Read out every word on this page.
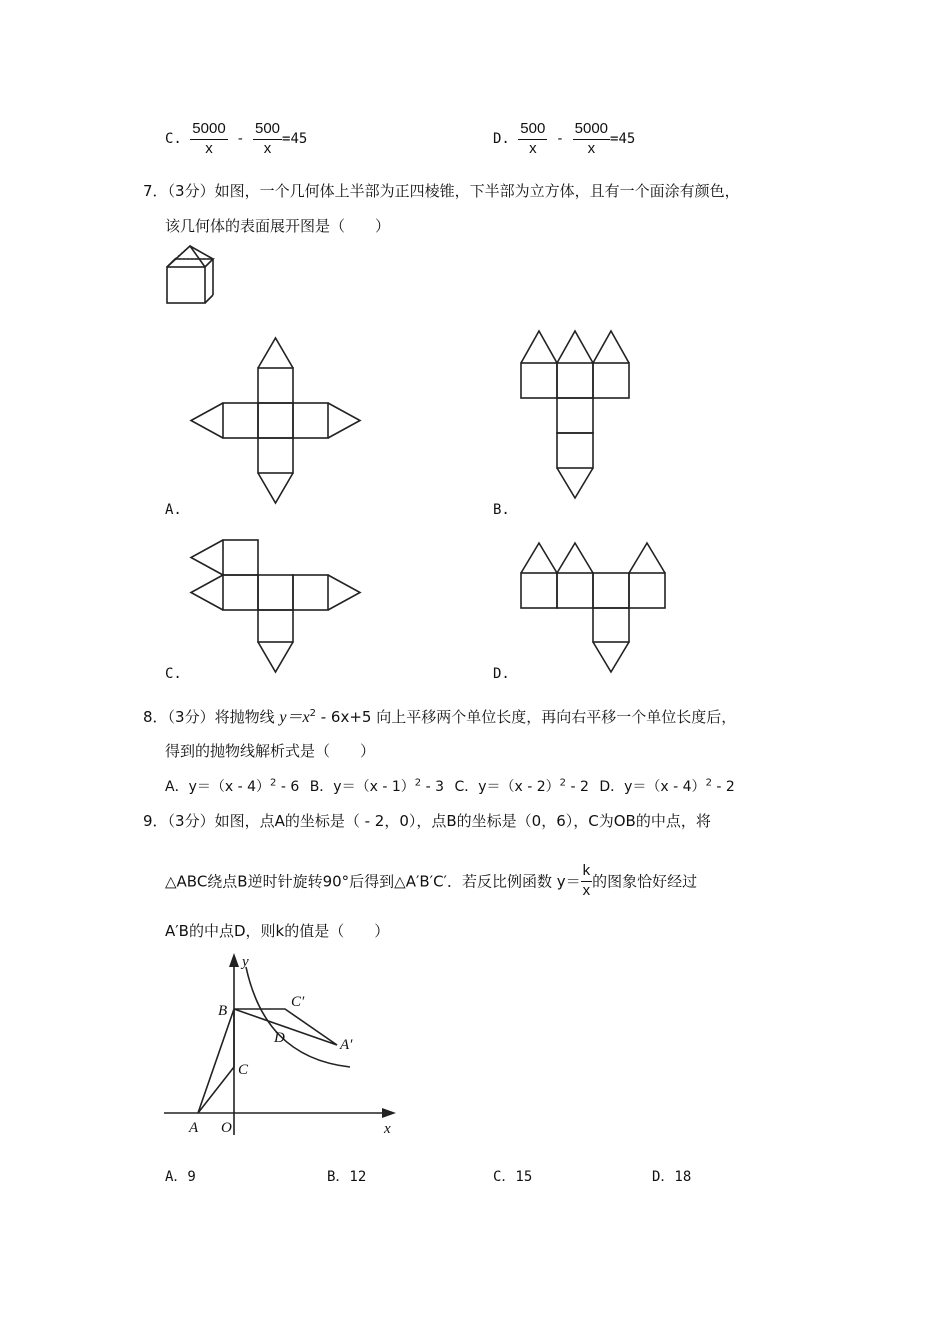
C. $\frac{5000}{x} - \frac{500}{x} =45$	D. $\frac{500}{x} - \frac{5000}{x} =45$
7．（3分）如图，一个几何体上半部为正四棱锥，下半部为立方体，且有一个面涂有颜色，
该几何体的表面展开图是（　　）
A.	B.
C.	D.
8．（3分）将抛物线 $y=x^2 - 6x+5$ 向上平移两个单位长度，再向右平移一个单位长度后，
得到的抛物线解析式是（　　）
A．y＝（x - 4）$^2$ - 6 B．y＝（x - 1）$^2$ - 3 C．y＝（x - 2）$^2$ - 2 D．y＝（x - 4）$^2$ - 2
9．（3分）如图，点A的坐标是（ - 2，0），点B的坐标是（0，6），C为OB的中点，将
△ABC绕点B逆时针旋转90°后得到△A′B′C′．若反比例函数 $y= \frac{k}{x}$ 的图象恰好经过
A′B的中点D，则k的值是（　　）
y
x
B
C
C′
D	A′
A O
A．9	B．12	C．15	D．18
